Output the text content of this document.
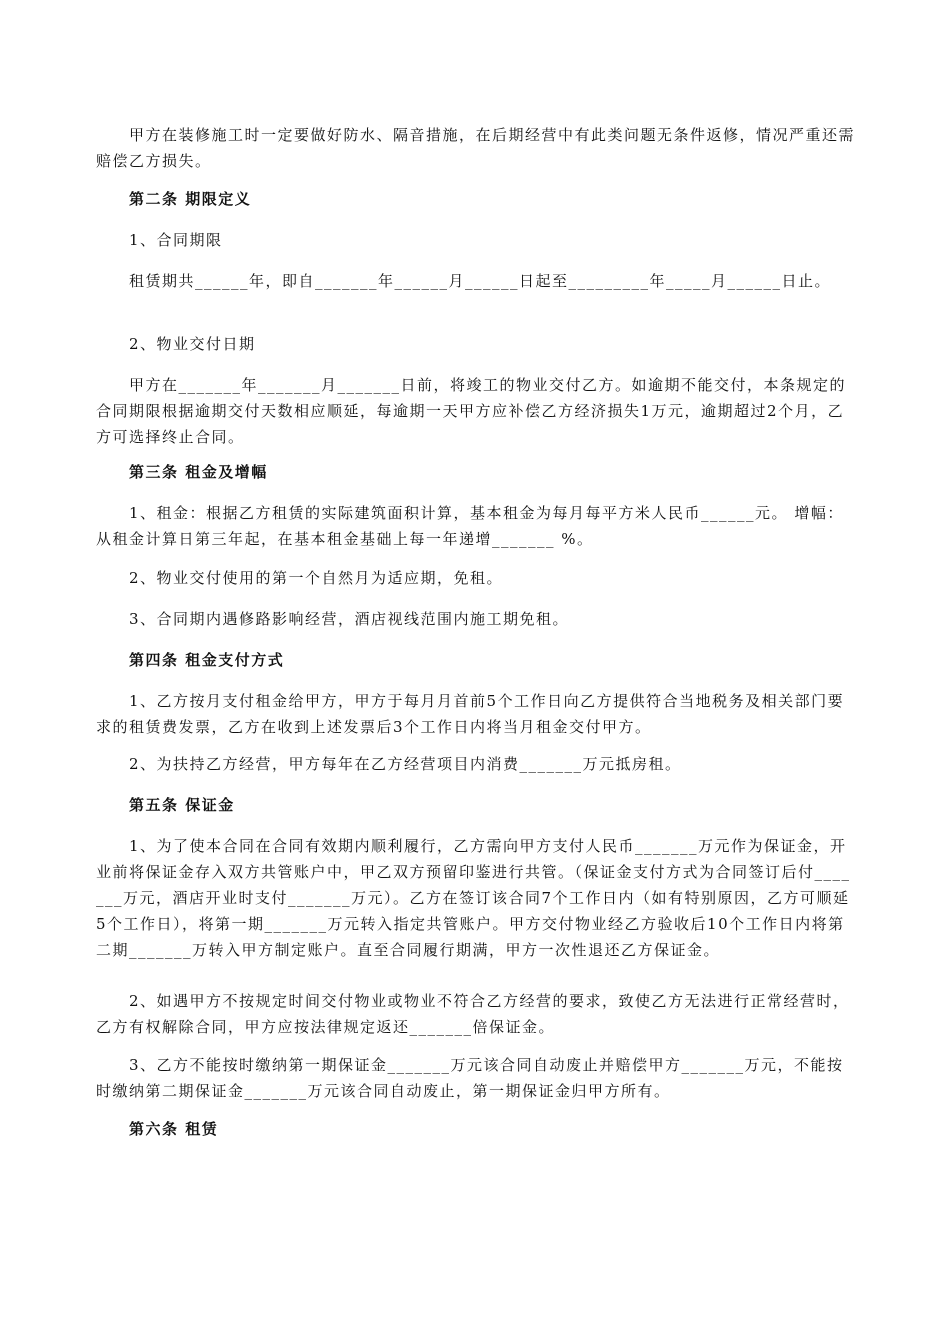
　　甲方在装修施工时一定要做好防水、隔音措施，在后期经营中有此类问题无条件返修，情况严重还需赔偿乙方损失。
　　第二条 期限定义
　　1、合同期限
　　租赁期共______年，即自_______年______月______日起至_________年_____月______日止。
　　2、物业交付日期
　　甲方在_______年_______月_______日前，将竣工的物业交付乙方。如逾期不能交付，本条规定的合同期限根据逾期交付天数相应顺延，每逾期一天甲方应补偿乙方经济损失1万元，逾期超过2个月，乙方可选择终止合同。
　　第三条 租金及增幅
　　1、租金：根据乙方租赁的实际建筑面积计算，基本租金为每月每平方米人民币______元。 增幅：从租金计算日第三年起，在基本租金基础上每一年递增_______ %。
　　2、物业交付使用的第一个自然月为适应期，免租。
　　3、合同期内遇修路影响经营，酒店视线范围内施工期免租。
　　第四条 租金支付方式
　　1、乙方按月支付租金给甲方，甲方于每月月首前5个工作日向乙方提供符合当地税务及相关部门要求的租赁费发票，乙方在收到上述发票后3个工作日内将当月租金交付甲方。
　　2、为扶持乙方经营，甲方每年在乙方经营项目内消费_______万元抵房租。
　　第五条 保证金
　　1、为了使本合同在合同有效期内顺利履行，乙方需向甲方支付人民币_______万元作为保证金，开业前将保证金存入双方共管账户中，甲乙双方预留印鉴进行共管。（保证金支付方式为合同签订后付_______万元，酒店开业时支付_______万元）。乙方在签订该合同7个工作日内（如有特别原因，乙方可顺延5个工作日），将第一期_______万元转入指定共管账户。甲方交付物业经乙方验收后10个工作日内将第二期_______万转入甲方制定账户。直至合同履行期满，甲方一次性退还乙方保证金。
　　2、如遇甲方不按规定时间交付物业或物业不符合乙方经营的要求，致使乙方无法进行正常经营时，乙方有权解除合同，甲方应按法律规定返还_______倍保证金。
　　3、乙方不能按时缴纳第一期保证金_______万元该合同自动废止并赔偿甲方_______万元，不能按时缴纳第二期保证金_______万元该合同自动废止，第一期保证金归甲方所有。
　　第六条 租赁
